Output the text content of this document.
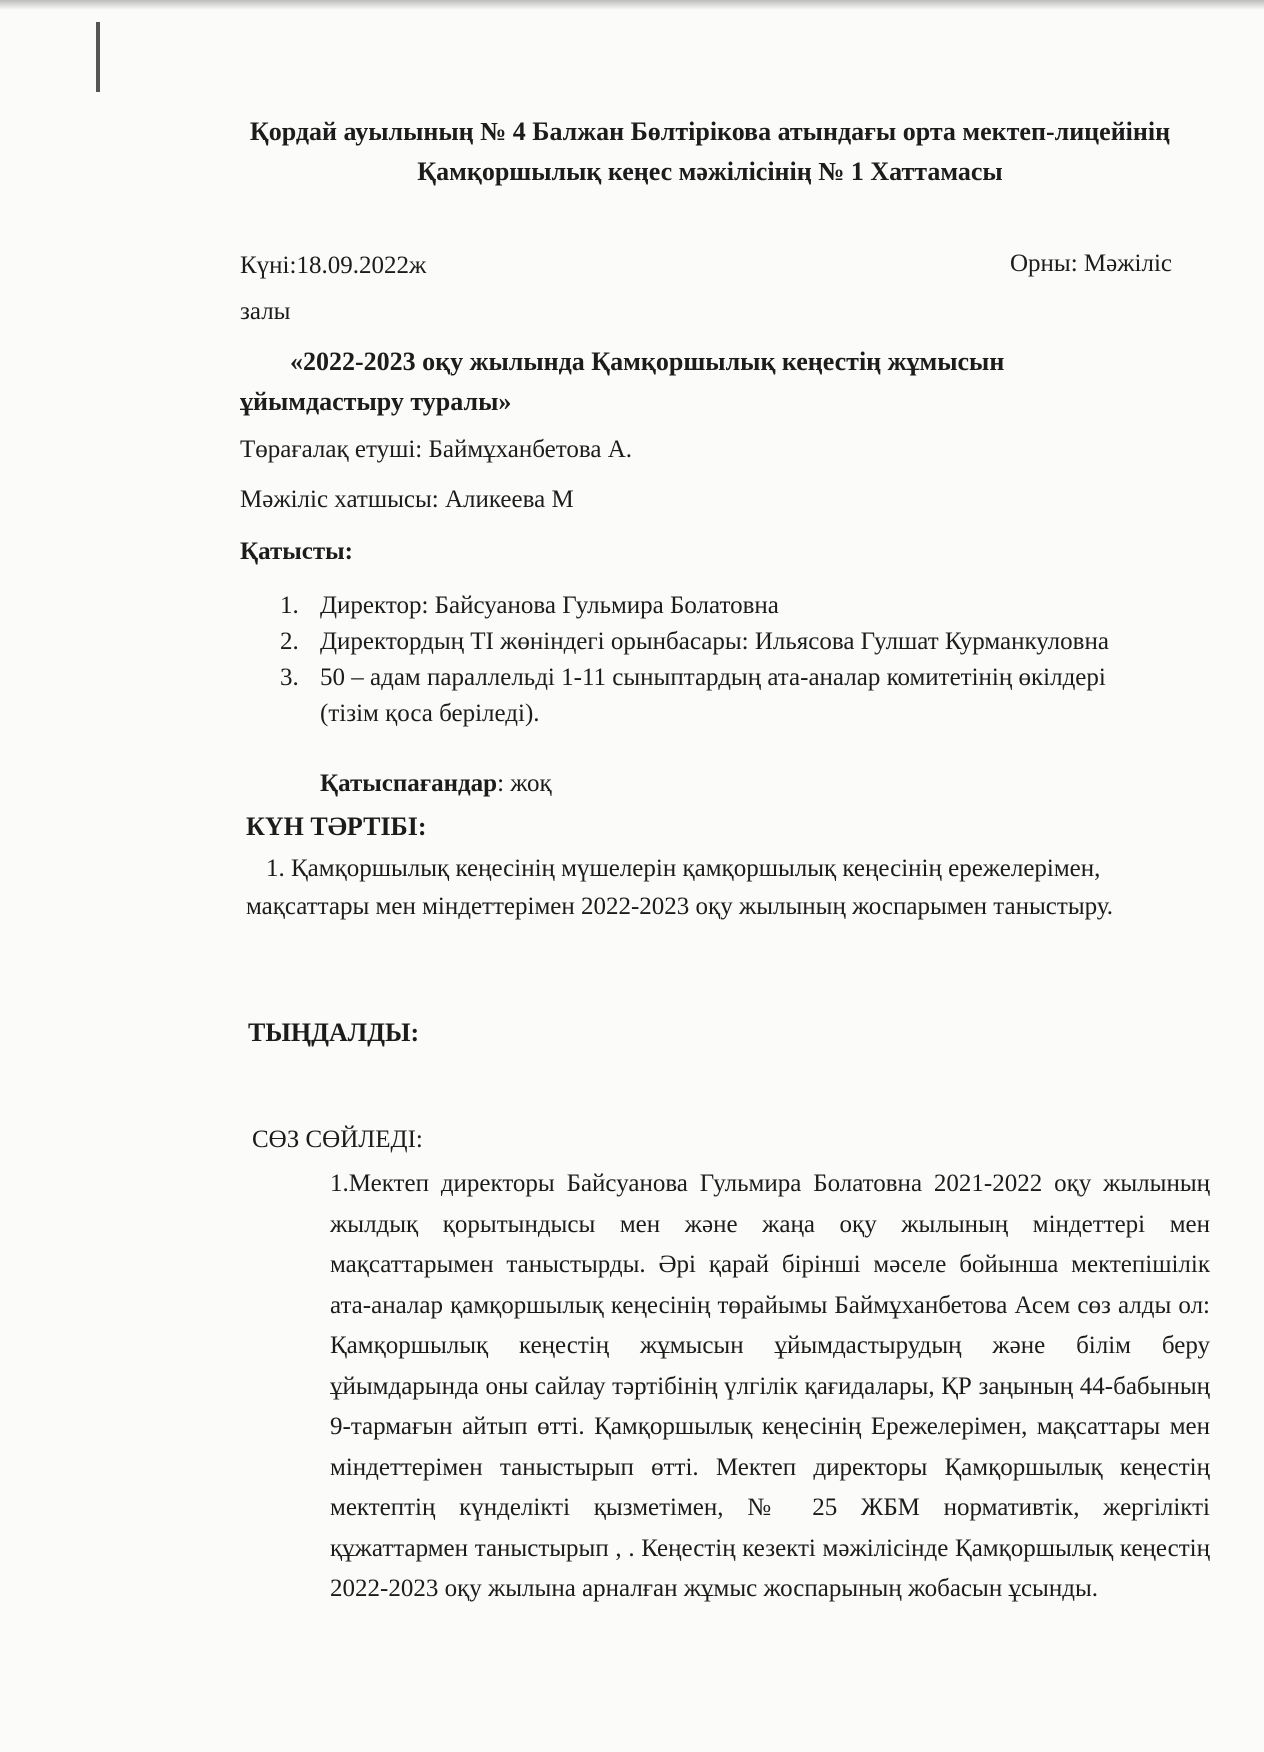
Қордай ауылының № 4 Балжан Бөлтірікова атындағы орта мектеп-лицейінің Қамқоршылық кеңес мәжілісінің № 1 Хаттамасы
Күні:18.09.2022ж	Орны: Мәжіліс
залы
«2022-2023 оқу жылында Қамқоршылық кеңестің жұмысын ұйымдастыру туралы»
Төрағалақ етуші: Баймұханбетова А.
Мәжіліс хатшысы: Аликеева М
Қатысты:
1. Директор: Байсуанова Гульмира Болатовна
2. Директордың ТІ жөніндегі орынбасары: Ильясова Гулшат Курманкуловна
3. 50 – адам параллельді 1-11 сыныптардың ата-аналар комитетінің өкілдері (тізім қоса беріледі).
Қатыспағандар: жоқ
КҮН ТӘРТІБІ:
1. Қамқоршылық кеңесінің мүшелерін қамқоршылық кеңесінің ережелерімен, мақсаттары мен міндеттерімен 2022-2023 оқу жылының жоспарымен таныстыру.
ТЫҢДАЛДЫ:
СӨЗ СӨЙЛЕДІ:
1.Мектеп директоры Байсуанова Гульмира Болатовна 2021-2022 оқу жылының жылдық қорытындысы мен және жаңа оқу жылының міндеттері мен мақсаттарымен таныстырды. Әрі қарай бірінші мәселе бойынша мектепішілік ата-аналар қамқоршылық кеңесінің төрайымы Баймұханбетова Асем сөз алды ол: Қамқоршылық кеңестің жұмысын ұйымдастырудың және білім беру ұйымдарында оны сайлау тәртібінің үлгілік қағидалары, ҚР заңының 44-бабының 9-тармағын айтып өтті. Қамқоршылық кеңесінің Ережелерімен, мақсаттары мен міндеттерімен таныстырып өтті. Мектеп директоры Қамқоршылық кеңестің мектептің күнделікті қызметімен, № 25 ЖБМ нормативтік, жергілікті құжаттармен таныстырып , . Кеңестің кезекті мәжілісінде Қамқоршылық кеңестің 2022-2023 оқу жылына арналған жұмыс жоспарының жобасын ұсынды.
